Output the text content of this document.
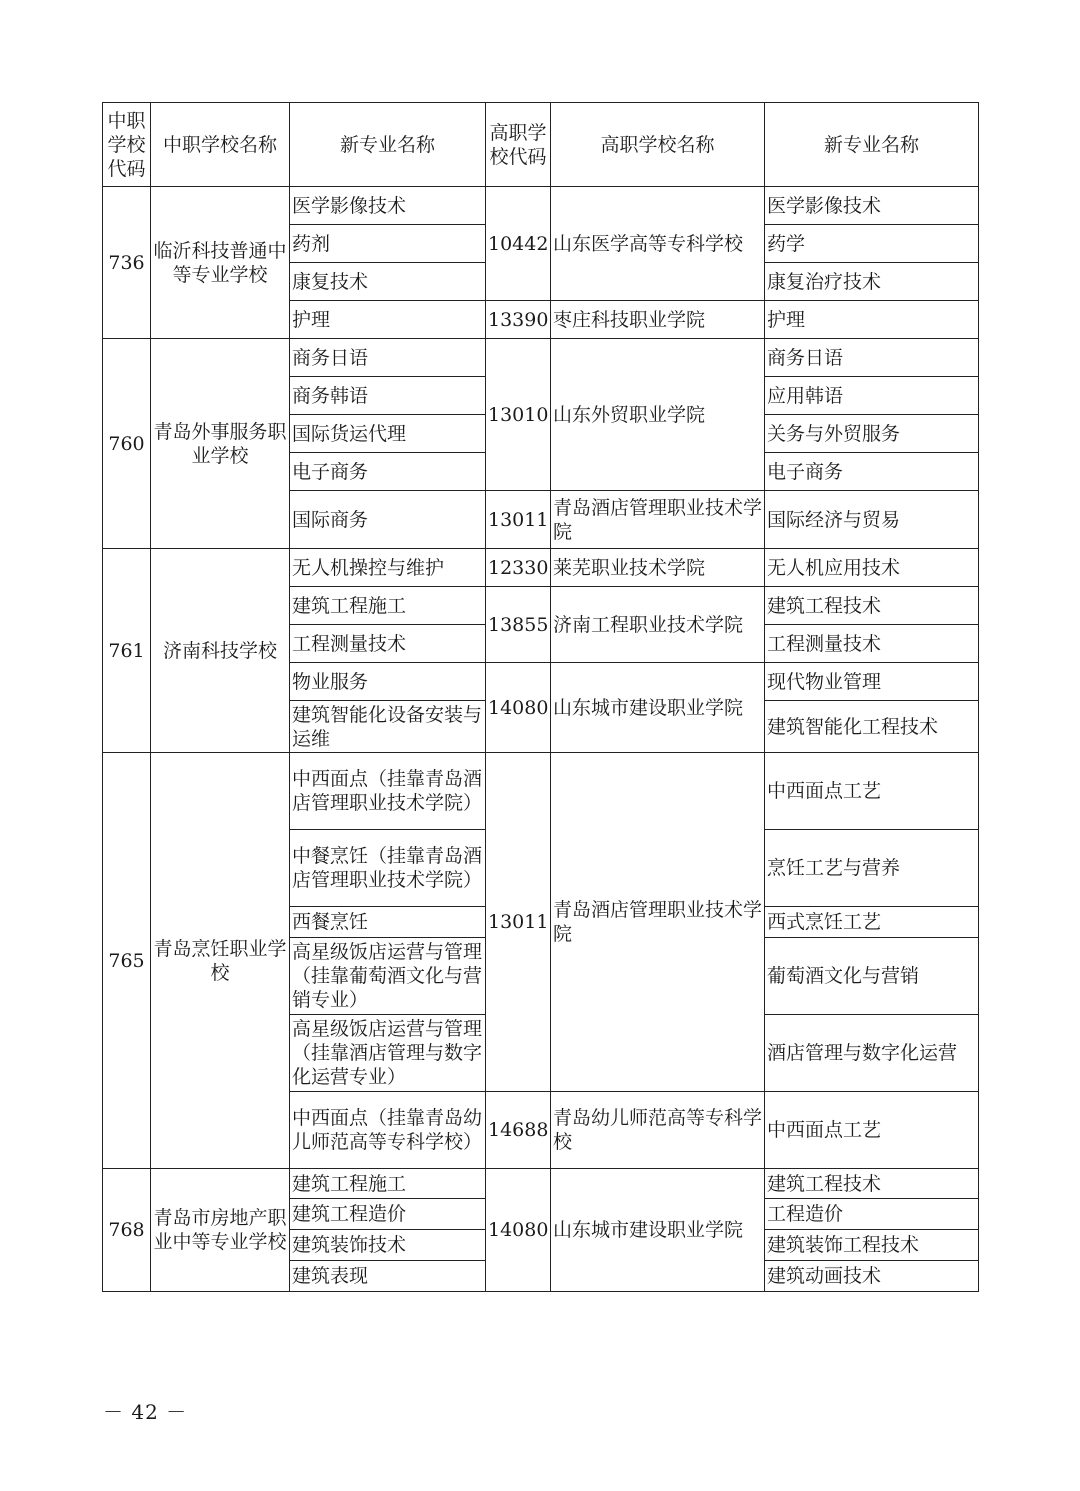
中职学校代码	中职学校名称	新专业名称	高职学校代码	高职学校名称	新专业名称
736	临沂科技普通中等专业学校	医学影像技术	10442	山东医学高等专科学校	医学影像技术
		药剂			药学
		康复技术			康复治疗技术
		护理	13390	枣庄科技职业学院	护理
760	青岛外事服务职业学校	商务日语	13010	山东外贸职业学院	商务日语
		商务韩语			应用韩语
		国际货运代理			关务与外贸服务
		电子商务			电子商务
		国际商务	13011	青岛酒店管理职业技术学院	国际经济与贸易
761	济南科技学校	无人机操控与维护	12330	莱芜职业技术学院	无人机应用技术
		建筑工程施工	13855	济南工程职业技术学院	建筑工程技术
		工程测量技术			工程测量技术
		物业服务	14080	山东城市建设职业学院	现代物业管理
		建筑智能化设备安装与运维			建筑智能化工程技术
765	青岛烹饪职业学校	中西面点（挂靠青岛酒店管理职业技术学院）	13011	青岛酒店管理职业技术学院	中西面点工艺
		中餐烹饪（挂靠青岛酒店管理职业技术学院）			烹饪工艺与营养
		西餐烹饪			西式烹饪工艺
		高星级饭店运营与管理（挂靠葡萄酒文化与营销专业）			葡萄酒文化与营销
		高星级饭店运营与管理（挂靠酒店管理与数字化运营专业）			酒店管理与数字化运营
		中西面点（挂靠青岛幼儿师范高等专科学校）	14688	青岛幼儿师范高等专科学校	中西面点工艺
768	青岛市房地产职业中等专业学校	建筑工程施工	14080	山东城市建设职业学院	建筑工程技术
		建筑工程造价			工程造价
		建筑装饰技术			建筑装饰工程技术
		建筑表现			建筑动画技术
－ 42 －
